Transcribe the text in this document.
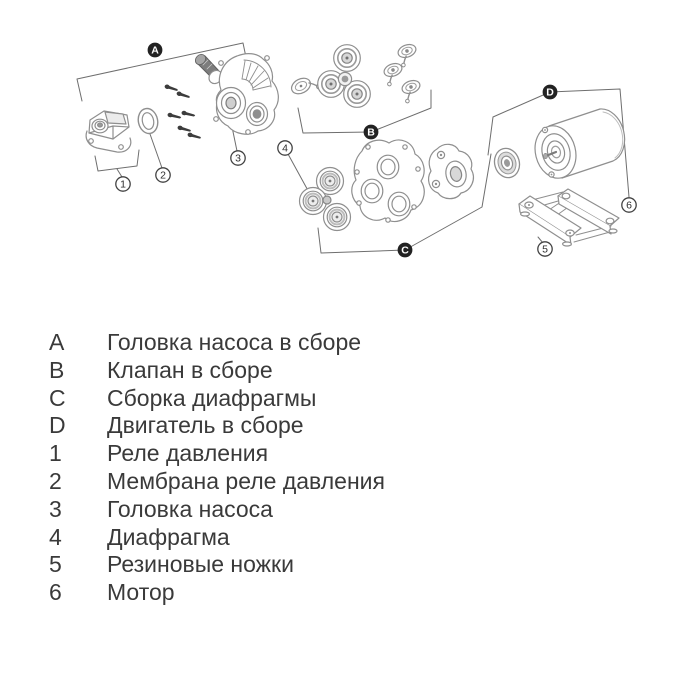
A
B
C
D
1
2
3
4
5
6
A	Головка насоса в сборе
B	Клапан в сборе
C	Сборка диафрагмы
D	Двигатель в сборе
1	Реле давления
2	Мембрана реле давления
3	Головка насоса
4	Диафрагма
5	Резиновые ножки
6	Мотор
